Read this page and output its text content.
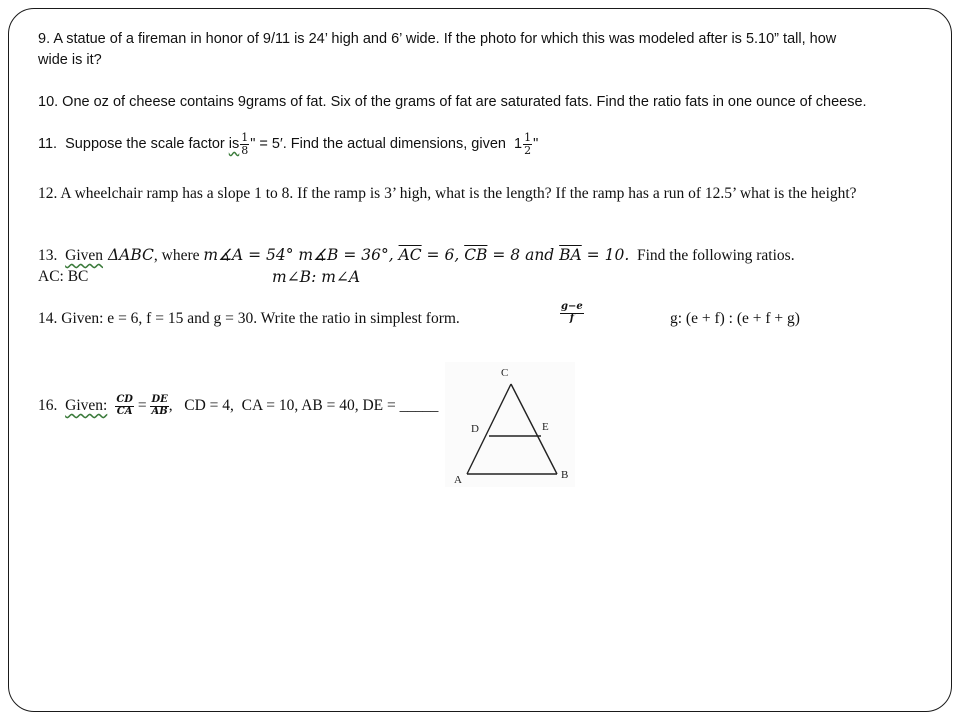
9. A statue of a fireman in honor of 9/11 is 24’ high and 6’ wide. If the photo for which this was modeled after is 5.10” tall, how
wide is it?
10. One oz of cheese contains 9grams of fat. Six of the grams of fat are saturated fats. Find the ratio fats in one ounce of cheese.
11.  Suppose the scale factor is $\frac{1}{8}$ " = 5′. Find the actual dimensions, given  $1 \frac{1}{2}$ "
12. A wheelchair ramp has a slope 1 to 8. If the ramp is 3’ high, what is the length? If the ramp has a run of 12.5’ what is the height?
13.  Given ΔABC, where m∡A = 54° m∡B = 36°, $\overline{AC} = 6$, $\overline{CB} = 8$ and $\overline{BA} = 10$.  Find the following ratios.
AC: BC	m∠B: m∠A
14. Given: e = 6, f = 15 and g = 30. Write the ratio in simplest form.	$\frac{g-e}{f}$	g: (e + f) : (e + f + g)
16. Given: $\frac{CD}{CA} = \frac{DE}{AB}$ ,   CD = 4,  CA = 10, AB = 40, DE = _____
C
D	E
A	B
